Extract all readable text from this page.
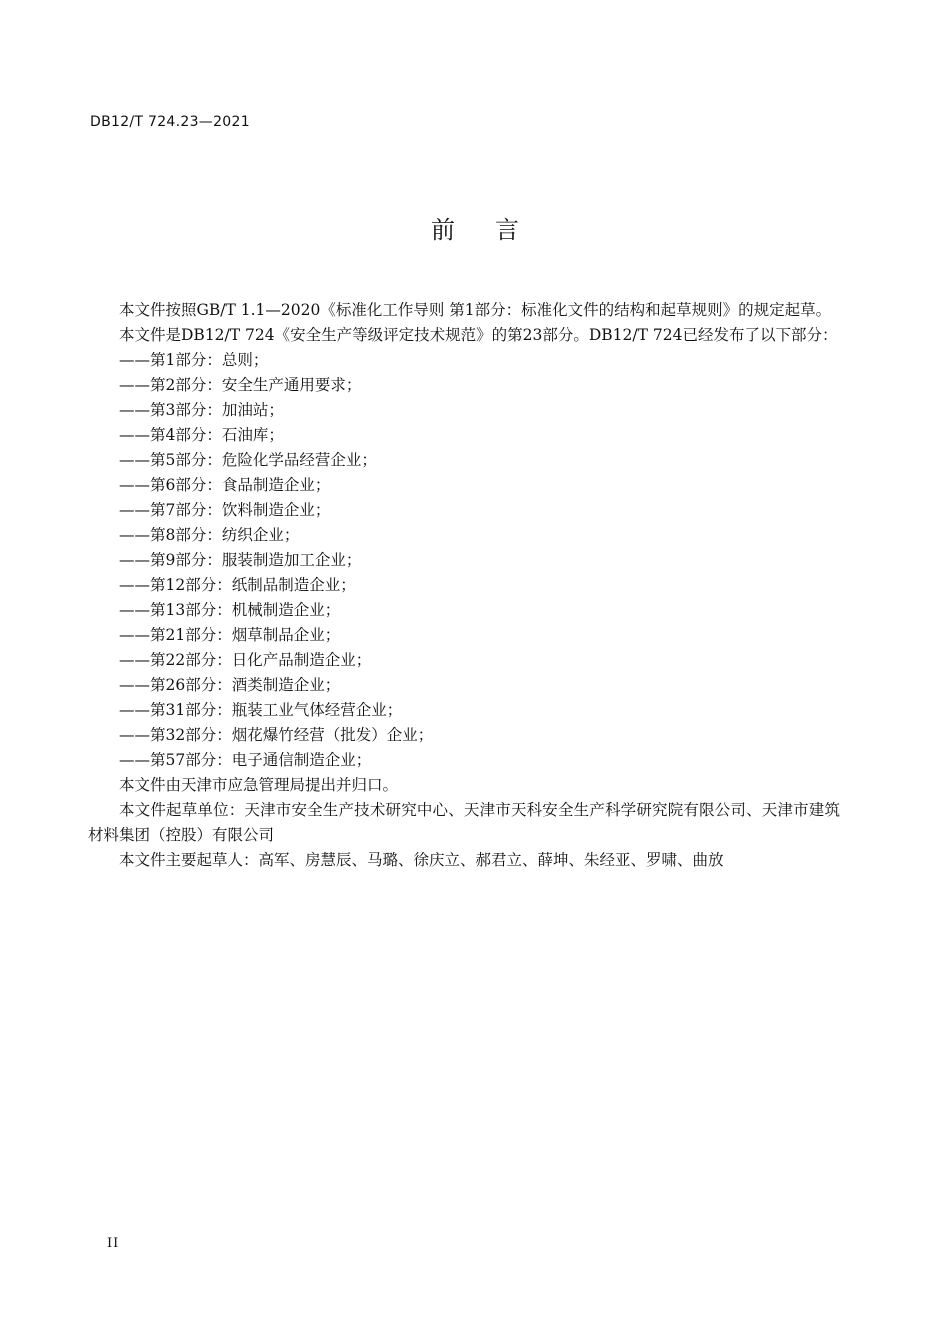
DB12/T 724.23—2021
前言

本文件按照GB/T 1.1—2020《标准化工作导则 第1部分：标准化文件的结构和起草规则》的规定起草。

本文件是DB12/T 724《安全生产等级评定技术规范》的第23部分。DB12/T 724已经发布了以下部分：

——第1部分：总则；
——第2部分：安全生产通用要求；
——第3部分：加油站；
——第4部分：石油库；
——第5部分：危险化学品经营企业；
——第6部分：食品制造企业；
——第7部分：饮料制造企业；
——第8部分：纺织企业；
——第9部分：服装制造加工企业；
——第12部分：纸制品制造企业；
——第13部分：机械制造企业；
——第21部分：烟草制品企业；
——第22部分：日化产品制造企业；
——第26部分：酒类制造企业；
——第31部分：瓶装工业气体经营企业；
——第32部分：烟花爆竹经营（批发）企业；
——第57部分：电子通信制造企业；

本文件由天津市应急管理局提出并归口。

本文件起草单位：天津市安全生产技术研究中心、天津市天科安全生产科学研究院有限公司、天津市建筑材料集团（控股）有限公司

本文件主要起草人：高军、房慧辰、马璐、徐庆立、郝君立、薛坤、朱经亚、罗啸、曲放

II
